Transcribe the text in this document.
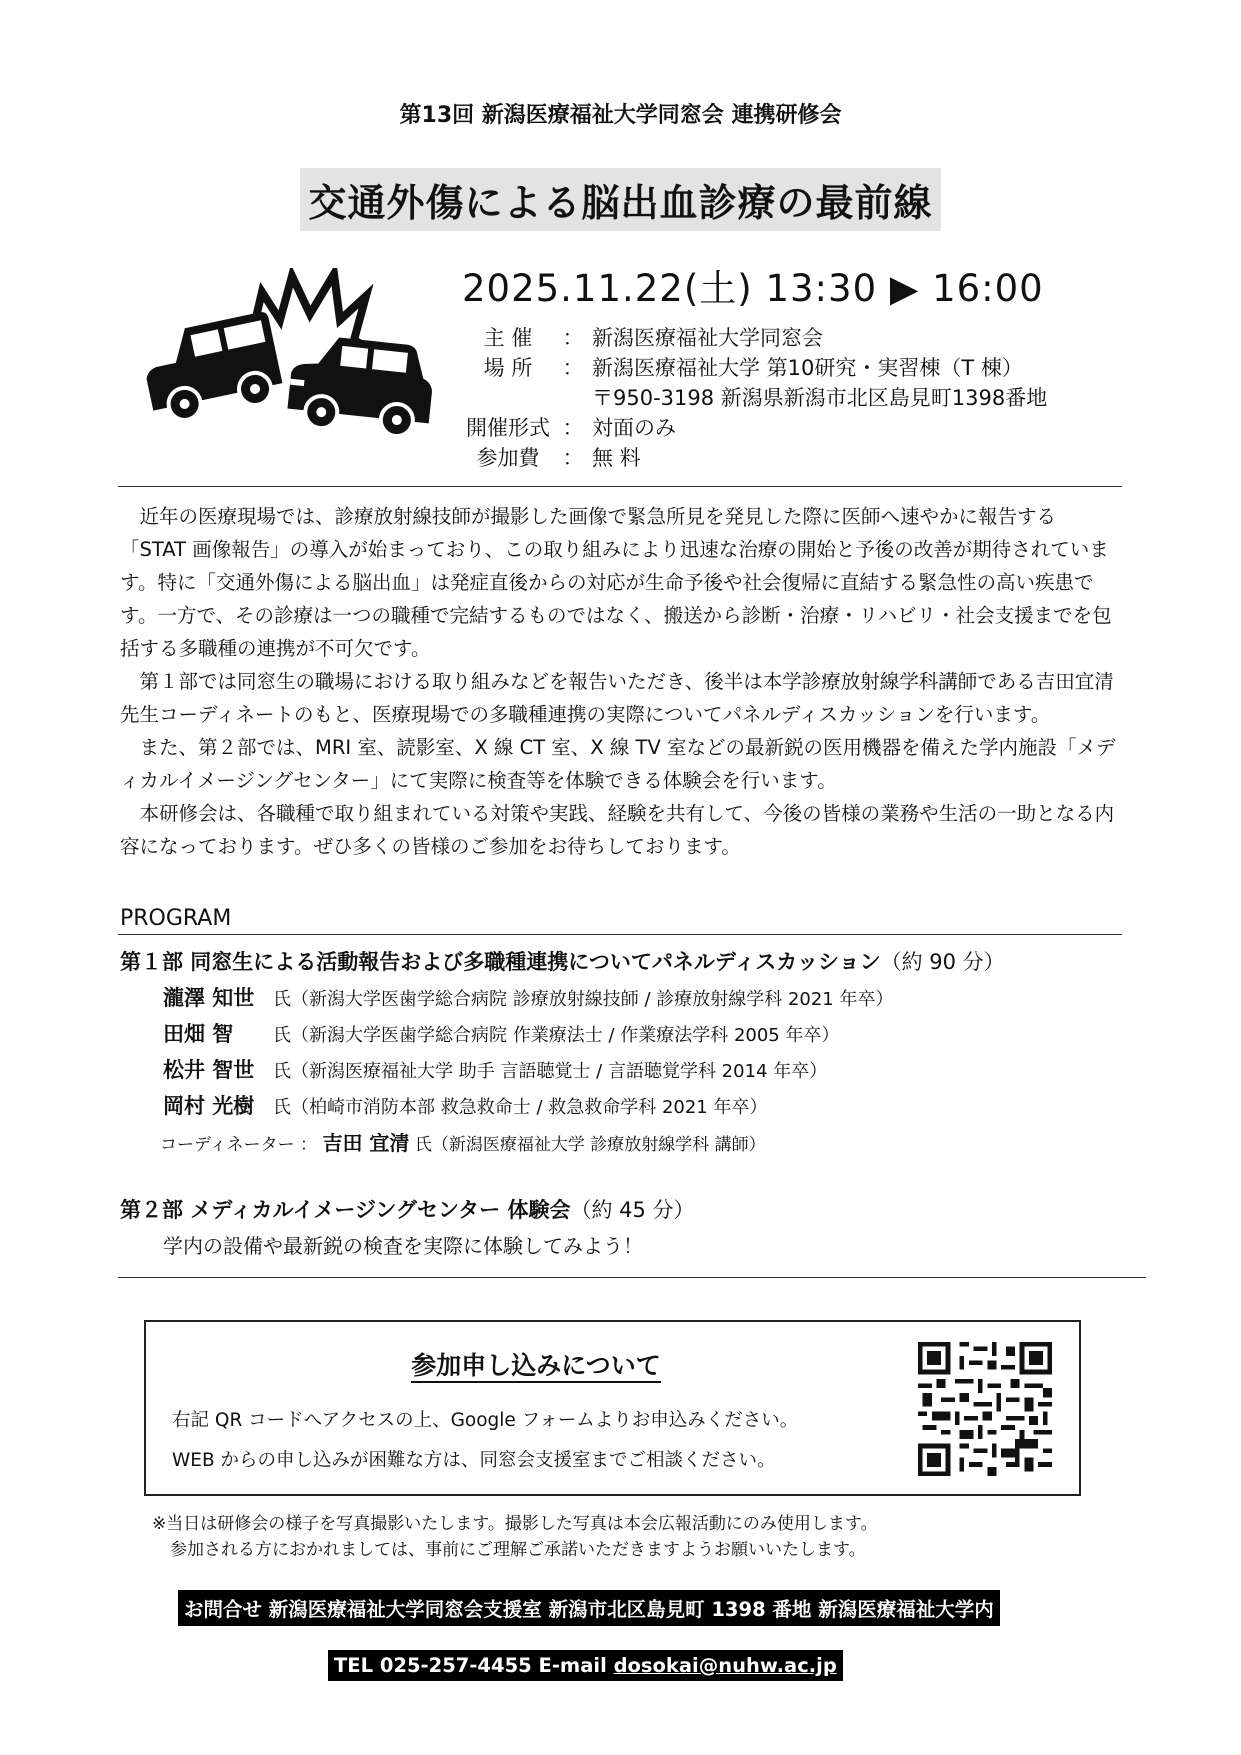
第13回 新潟医療福祉大学同窓会 連携研修会
交通外傷による脳出血診療の最前線
2025.11.22(土) 13:30 ▶ 16:00
主 催 ： 新潟医療福祉大学同窓会
場 所 ： 新潟医療福祉大学 第10研究・実習棟（T 棟）
〒950-3198 新潟県新潟市北区島見町1398番地
開催形式 ： 対面のみ
参加費 ： 無 料

近年の医療現場では、診療放射線技師が撮影した画像で緊急所見を発見した際に医師へ速やかに報告する「STAT 画像報告」の導入が始まっており、この取り組みにより迅速な治療の開始と予後の改善が期待されています。特に「交通外傷による脳出血」は発症直後からの対応が生命予後や社会復帰に直結する緊急性の高い疾患です。一方で、その診療は一つの職種で完結するものではなく、搬送から診断・治療・リハビリ・社会支援までを包括する多職種の連携が不可欠です。

第１部では同窓生の職場における取り組みなどを報告いただき、後半は本学診療放射線学科講師である吉田宜清先生コーディネートのもと、医療現場での多職種連携の実際についてパネルディスカッションを行います。

また、第２部では、MRI 室、読影室、X 線 CT 室、X 線 TV 室などの最新鋭の医用機器を備えた学内施設「メディカルイメージングセンター」にて実際に検査等を体験できる体験会を行います。

本研修会は、各職種で取り組まれている対策や実践、経験を共有して、今後の皆様の業務や生活の一助となる内容になっております。ぜひ多くの皆様のご参加をお待ちしております。

PROGRAM
第１部 同窓生による活動報告および多職種連携についてパネルディスカッション（約 90 分）
瀧澤 知世 氏（新潟大学医歯学総合病院 診療放射線技師 / 診療放射線学科 2021 年卒）
田畑 智 氏（新潟大学医歯学総合病院 作業療法士 / 作業療法学科 2005 年卒）
松井 智世 氏（新潟医療福祉大学 助手 言語聴覚士 / 言語聴覚学科 2014 年卒）
岡村 光樹 氏（柏崎市消防本部 救急救命士 / 救急救命学科 2021 年卒）
コーディネーター ： 吉田 宜清 氏（新潟医療福祉大学 診療放射線学科 講師）
第２部 メディカルイメージングセンター 体験会（約 45 分）
学内の設備や最新鋭の検査を実際に体験してみよう！
参加申し込みについて
右記 QR コードへアクセスの上、Google フォームよりお申込みください。
WEB からの申し込みが困難な方は、同窓会支援室までご相談ください。
※当日は研修会の様子を写真撮影いたします。撮影した写真は本会広報活動にのみ使用します。
参加される方におかれましては、事前にご理解ご承諾いただきますようお願いいたします。
お問合せ 新潟医療福祉大学同窓会支援室 新潟市北区島見町 1398 番地 新潟医療福祉大学内
TEL 025-257-4455 E-mail dosokai@nuhw.ac.jp
